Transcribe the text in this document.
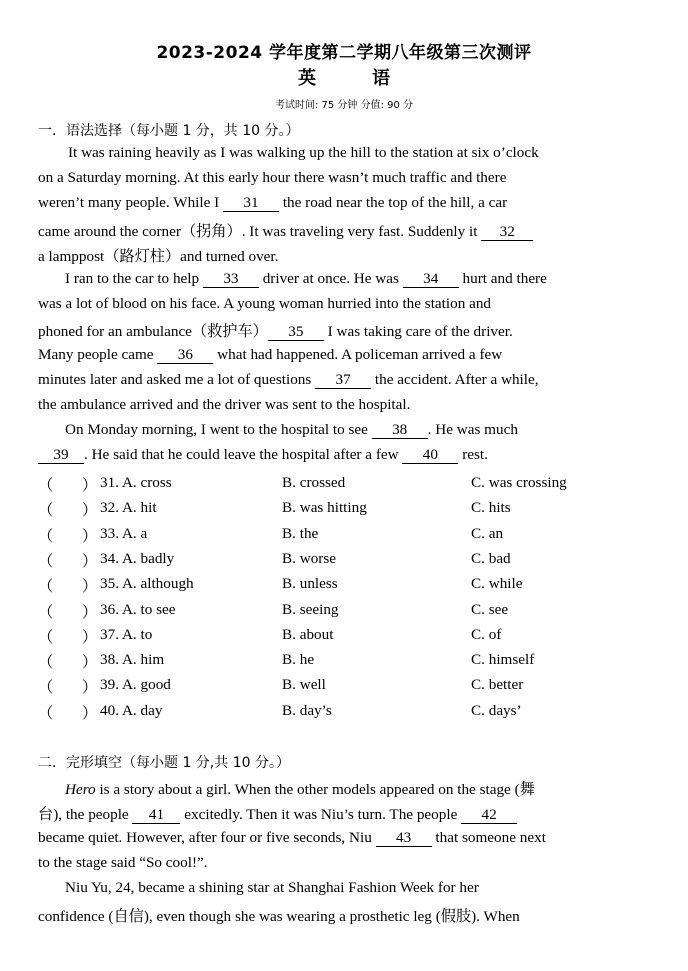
2023-2024 学年度第二学期八年级第三次测评
英	语
考试时间: 75 分钟 分值: 90 分
一．语法选择（每小题 1 分，共 10 分。）
It was raining heavily as I was walking up the hill to the station at six o’clock
on a Saturday morning. At this early hour there wasn’t much traffic and there
weren’t many people. While I 31 the road near the top of the hill, a car
came around the corner（拐角）. It was traveling very fast. Suddenly it 32
a lamppost（路灯柱）and turned over.
I ran to the car to help 33 driver at once. He was 34 hurt and there
was a lot of blood on his face. A young woman hurried into the station and
phoned for an ambulance（救护车） 35 I was taking care of the driver.
Many people came 36 what had happened. A policeman arrived a few
minutes later and asked me a lot of questions 37 the accident. After a while,
the ambulance arrived and the driver was sent to the hospital.
On Monday morning, I went to the hospital to see 38 . He was much
39 . He said that he could leave the hospital after a few 40 rest.
（ ） 31. A. cross	B. crossed	C. was crossing
（ ） 32. A. hit	B. was hitting	C. hits
（ ） 33. A. a	B. the	C. an
（ ） 34. A. badly	B. worse	C. bad
（ ） 35. A. although	B. unless	C. while
（ ） 36. A. to see	B. seeing	C. see
（ ） 37. A. to	B. about	C. of
（ ） 38. A. him	B. he	C. himself
（ ） 39. A. good	B. well	C. better
（ ） 40. A. day	B. day’s	C. days’
二．完形填空（每小题 1 分,共 10 分。）
Hero is a story about a girl. When the other models appeared on the stage (舞
台), the people 41 excitedly. Then it was Niu’s turn. The people 42
became quiet. However, after four or five seconds, Niu 43 that someone next
to the stage said “So cool!”.
Niu Yu, 24, became a shining star at Shanghai Fashion Week for her
confidence (自信), even though she was wearing a prosthetic leg (假肢). When
